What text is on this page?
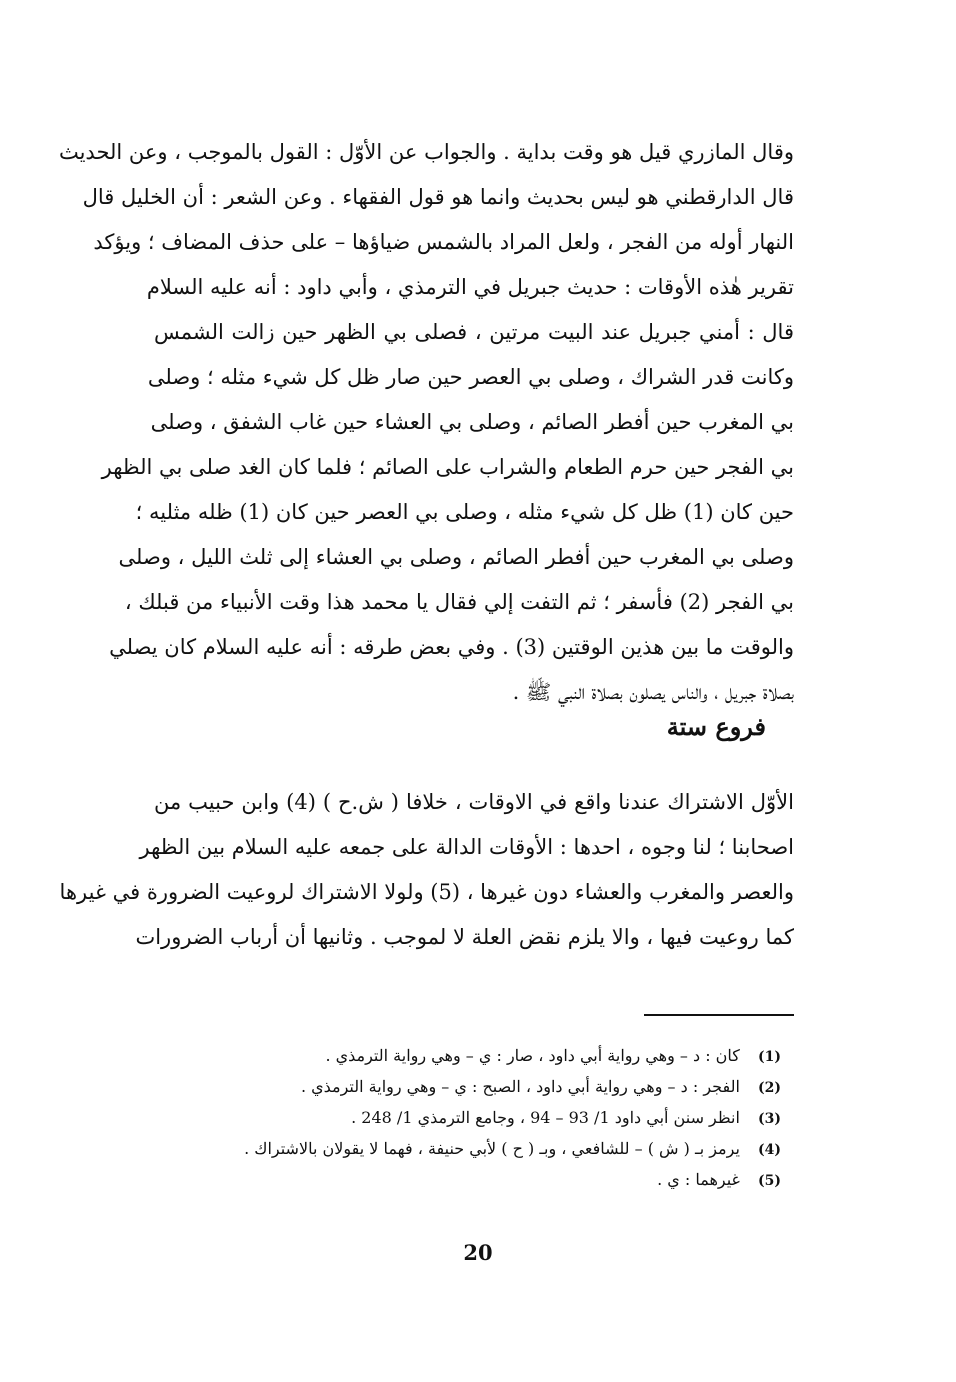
وقال المازري قيل هو وقت بداية . والجواب عن الأوّل : القول بالموجب ، وعن الحديث
قال الدارقطني هو ليس بحديث وانما هو قول الفقهاء . وعن الشعر : أن الخليل قال
النهار أوله من الفجر ، ولعل المراد بالشمس ضياؤها – على حذف المضاف ؛ ويؤكد
تقرير هٰذه الأوقات : حديث جبريل في الترمذي ، وأبي داود : أنه عليه السلام
قال : أمني جبريل عند البيت مرتين ، فصلى بي الظهر حين زالت الشمس
وكانت قدر الشراك ، وصلى بي العصر حين صار ظل كل شيء مثله ؛ وصلى
بي المغرب حين أفطر الصائم ، وصلى بي العشاء حين غاب الشفق ، وصلى
بي الفجر حين حرم الطعام والشراب على الصائم ؛ فلما كان الغد صلى بي الظهر
حين كان (1) ظل كل شيء مثله ، وصلى بي العصر حين كان (1) ظله مثليه ؛
وصلى بي المغرب حين أفطر الصائم ، وصلى بي العشاء إلى ثلث الليل ، وصلى
بي الفجر (2) فأسفر ؛ ثم التفت إلي فقال يا محمد هذا وقت الأنبياء من قبلك ،
والوقت ما بين هذين الوقتين (3) . وفي بعض طرقه : أنه عليه السلام كان يصلي
بصلاة جبريل ، والناس يصلون بصلاة النبي ﷺ .
فروع ستة
الأوّل الاشتراك عندنا واقع في الاوقات ، خلافا ( ش.ح ) (4) وابن حبيب من
اصحابنا ؛ لنا وجوه ، احدها : الأوقات الدالة على جمعه عليه السلام بين الظهر
والعصر والمغرب والعشاء دون غيرها ، (5) ولولا الاشتراك لروعيت الضرورة في غيرها
كما روعيت فيها ، والا يلزم نقض العلة لا لموجب . وثانيها أن أرباب الضرورات
(1) كان : د – وهي رواية أبي داود ، صار : ي – وهي رواية الترمذي .
(2) الفجر : د – وهي رواية أبي داود ، الصبح : ي – وهي رواية الترمذي .
(3) انظر سنن أبي داود 1/ 93 – 94 ، وجامع الترمذي 1/ 248 .
(4) يرمز بـ ( ش ) – للشافعي ، وبـ ( ح ) لأبي حنيفة ، فهما لا يقولان بالاشتراك .
(5) غيرهما : ي .
20
